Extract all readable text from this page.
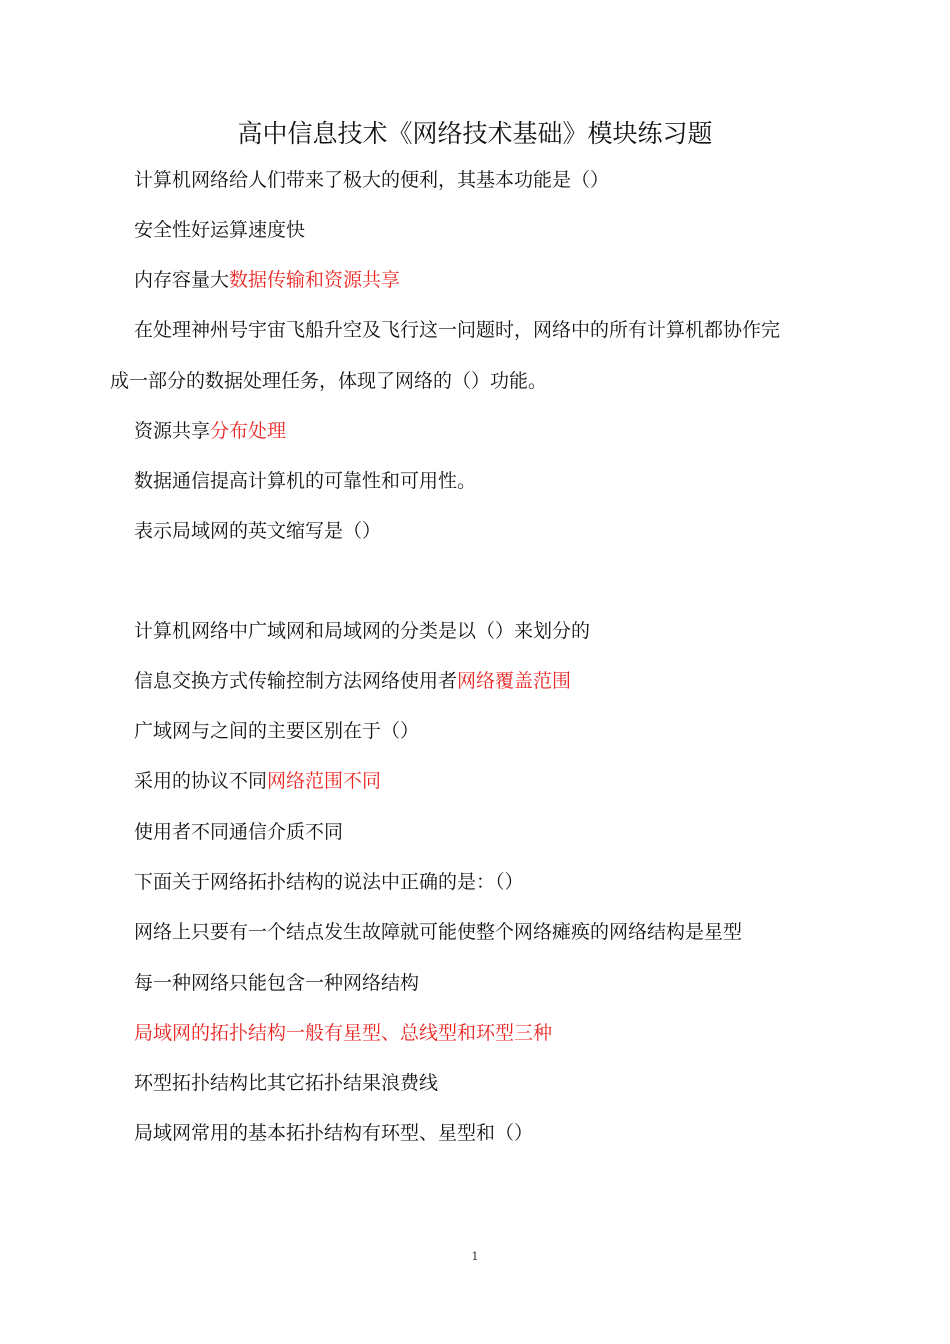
高中信息技术《网络技术基础》模块练习题
计算机网络给人们带来了极大的便利，其基本功能是（）
安全性好运算速度快
内存容量大数据传输和资源共享
在处理神州号宇宙飞船升空及飞行这一问题时，网络中的所有计算机都协作完
成一部分的数据处理任务，体现了网络的（）功能。
资源共享分布处理
数据通信提高计算机的可靠性和可用性。
表示局域网的英文缩写是（）
计算机网络中广域网和局域网的分类是以（）来划分的
信息交换方式传输控制方法网络使用者网络覆盖范围
广域网与之间的主要区别在于（）
采用的协议不同网络范围不同
使用者不同通信介质不同
下面关于网络拓扑结构的说法中正确的是：（）
网络上只要有一个结点发生故障就可能使整个网络瘫痪的网络结构是星型
每一种网络只能包含一种网络结构
局域网的拓扑结构一般有星型、总线型和环型三种
环型拓扑结构比其它拓扑结果浪费线
局域网常用的基本拓扑结构有环型、星型和（）
1
